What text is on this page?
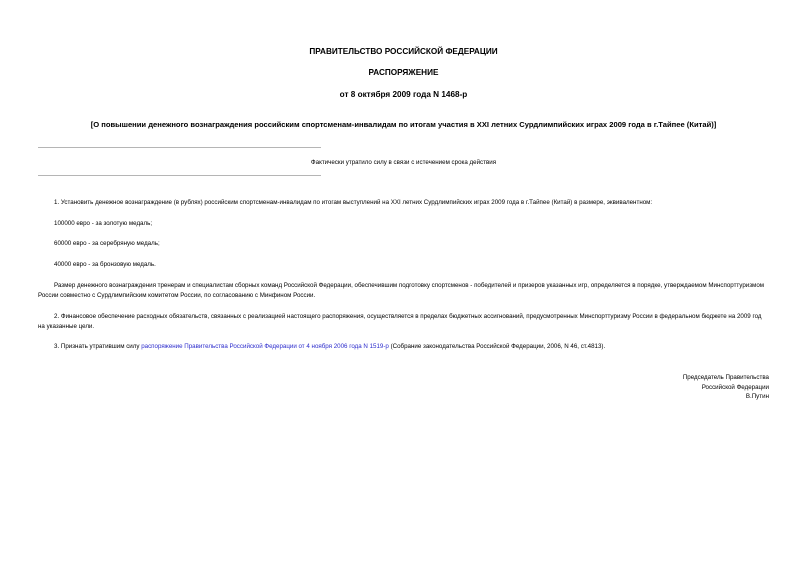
ПРАВИТЕЛЬСТВО РОССИЙСКОЙ ФЕДЕРАЦИИ
РАСПОРЯЖЕНИЕ
от 8 октября 2009 года N 1468-р
[О повышении денежного вознаграждения российским спортсменам-инвалидам по итогам участия в XXI летних Сурдлимпийских играх 2009 года в г.Тайпее (Китай)]
Фактически утратило силу в связи с истечением срока действия

1. Установить денежное вознаграждение (в рублях) российским спортсменам-инвалидам по итогам выступлений на XXI летних Сурдлимпийских играх 2009 года в г.Тайпее (Китай) в размере, эквивалентном:

100000 евро - за золотую медаль;

60000 евро - за серебряную медаль;

40000 евро - за бронзовую медаль.

Размер денежного вознаграждения тренерам и специалистам сборных команд Российской Федерации, обеспечившим подготовку спортсменов - победителей и призеров указанных игр, определяется в порядке, утверждаемом Минспорттуризмом России совместно с Сурдлимпийским комитетом России, по согласованию с Минфином России.

2. Финансовое обеспечение расходных обязательств, связанных с реализацией настоящего распоряжения, осуществляется в пределах бюджетных ассигнований, предусмотренных Минспорттуризму России в федеральном бюджете на 2009 год на указанные цели.

3. Признать утратившим силу распоряжение Правительства Российской Федерации от 4 ноября 2006 года N 1519-р (Собрание законодательства Российской Федерации, 2006, N 46, ст.4813).

Председатель Правительства
Российской Федерации
В.Путин
